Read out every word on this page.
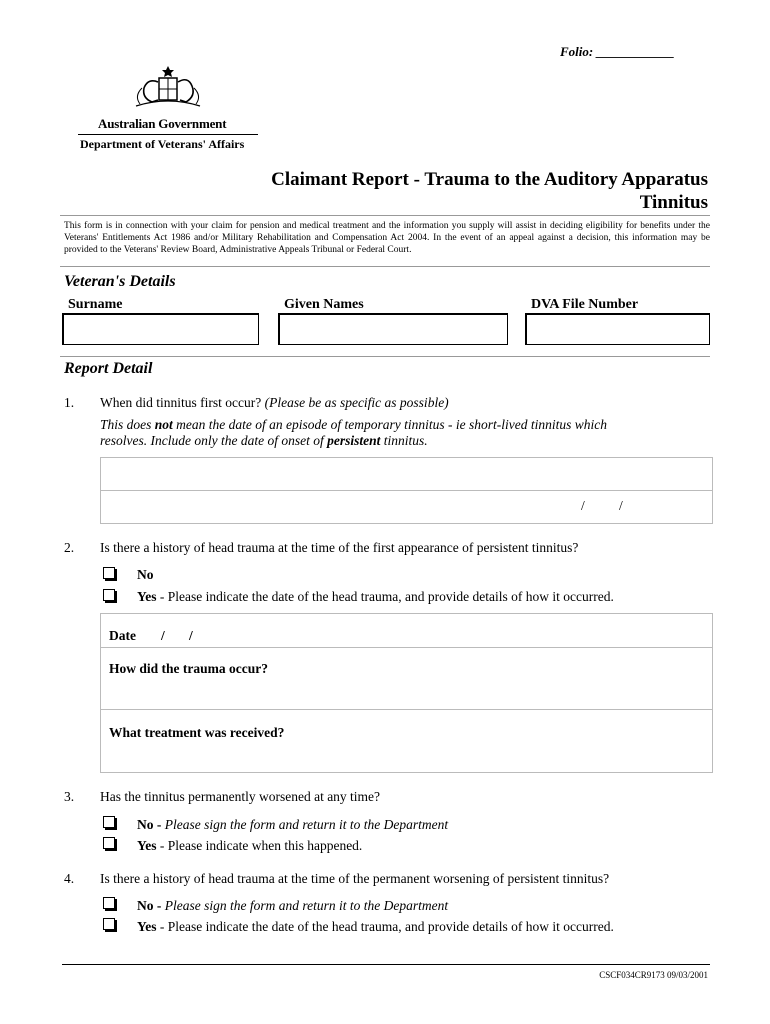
Folio: ____________
Australian Government
Department of Veterans' Affairs
Claimant Report - Trauma to the Auditory Apparatus
Tinnitus
This form is in connection with your claim for pension and medical treatment and the information you supply will assist in deciding eligibility for benefits under the Veterans' Entitlements Act 1986 and/or Military Rehabilitation and Compensation Act 2004. In the event of an appeal against a decision, this information may be provided to the Veterans' Review Board, Administrative Appeals Tribunal or Federal Court.
Veteran's Details
Surname	Given Names	DVA File Number
Report Detail
1. When did tinnitus first occur? (Please be as specific as possible)
This does not mean the date of an episode of temporary tinnitus - ie short-lived tinnitus which
resolves. Include only the date of onset of persistent tinnitus.
/	/
2. Is there a history of head trauma at the time of the first appearance of persistent tinnitus?
No
Yes - Please indicate the date of the head trauma, and provide details of how it occurred.
Date / /
How did the trauma occur?
What treatment was received?
3. Has the tinnitus permanently worsened at any time?
No - Please sign the form and return it to the Department
Yes - Please indicate when this happened.
4. Is there a history of head trauma at the time of the permanent worsening of persistent tinnitus?
No - Please sign the form and return it to the Department
Yes - Please indicate the date of the head trauma, and provide details of how it occurred.
CSCF034CR9173 09/03/2001
